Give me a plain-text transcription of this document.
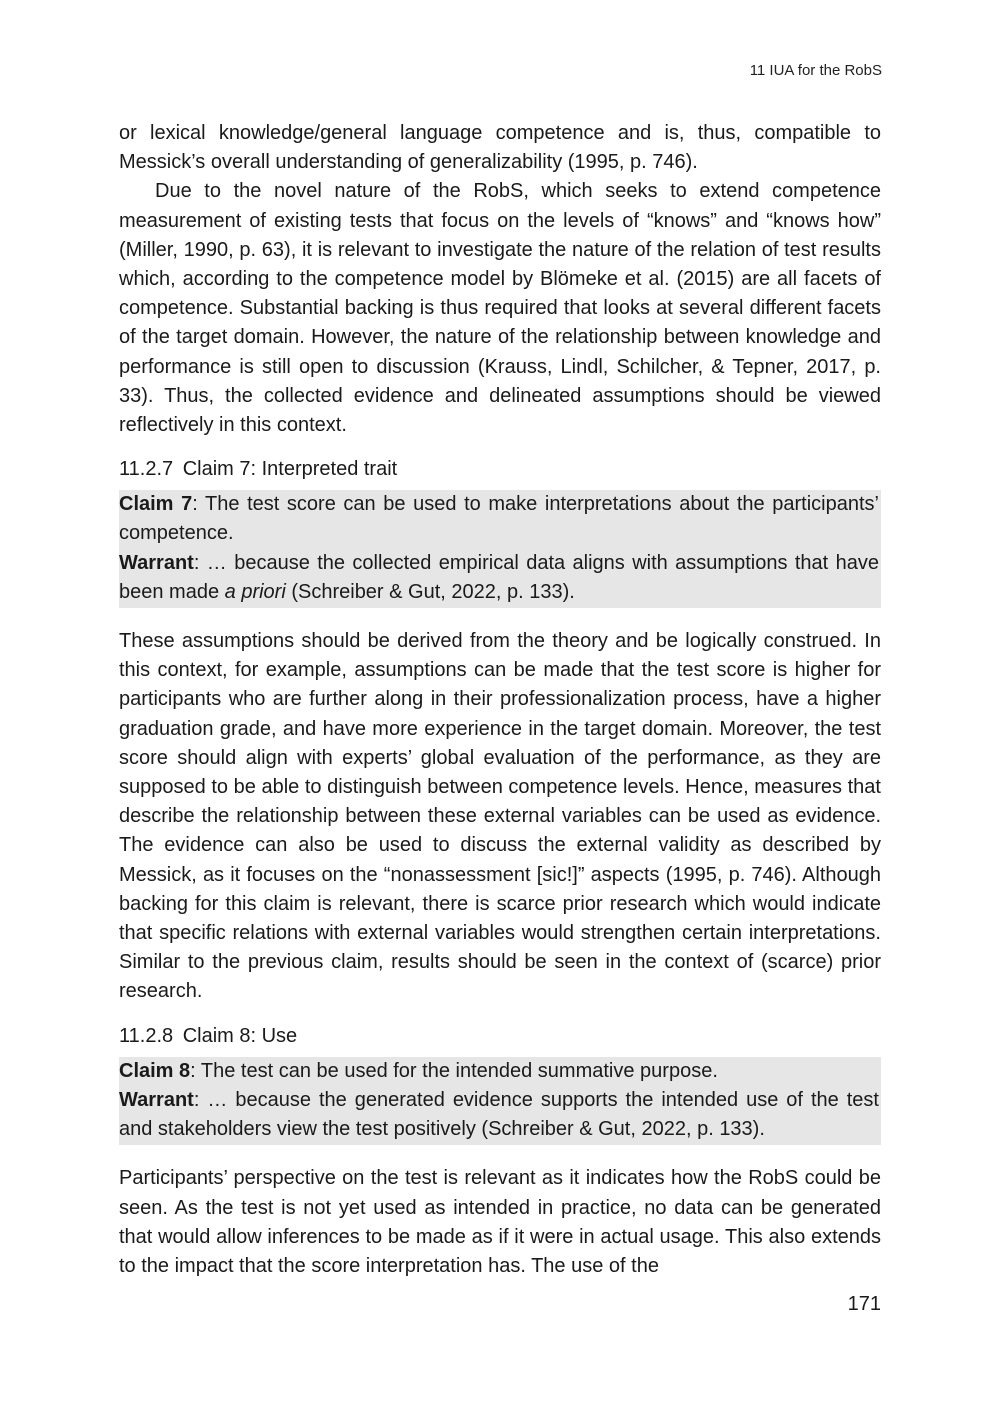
11 IUA for the RobS

or lexical knowledge/general language competence and is, thus, compatible to Messick’s overall understanding of generalizability (1995, p. 746).

Due to the novel nature of the RobS, which seeks to extend competence measurement of existing tests that focus on the levels of “knows” and “knows how” (Miller, 1990, p. 63), it is relevant to investigate the nature of the relation of test results which, according to the competence model by Blömeke et al. (2015) are all facets of competence. Substantial backing is thus required that looks at several different facets of the target domain. However, the nature of the relationship between knowledge and performance is still open to discussion (Krauss, Lindl, Schilcher, & Tepner, 2017, p. 33). Thus, the collected evidence and delineated assumptions should be viewed reflectively in this context.

11.2.7 Claim 7: Interpreted trait

Claim 7: The test score can be used to make interpretations about the participants’ competence.

Warrant: … because the collected empirical data aligns with assumptions that have been made a priori (Schreiber & Gut, 2022, p. 133).

These assumptions should be derived from the theory and be logically construed. In this context, for example, assumptions can be made that the test score is higher for participants who are further along in their professionalization process, have a higher graduation grade, and have more experience in the target domain. Moreover, the test score should align with experts’ global evaluation of the performance, as they are supposed to be able to distinguish between competence levels. Hence, measures that describe the relationship between these external variables can be used as evidence. The evidence can also be used to discuss the external validity as described by Messick, as it focuses on the “nonassessment [sic!]” aspects (1995, p. 746). Although backing for this claim is relevant, there is scarce prior research which would indicate that specific relations with external variables would strengthen certain interpretations. Similar to the previous claim, results should be seen in the context of (scarce) prior research.

11.2.8 Claim 8: Use

Claim 8: The test can be used for the intended summative purpose.

Warrant: … because the generated evidence supports the intended use of the test and stakeholders view the test positively (Schreiber & Gut, 2022, p. 133).

Participants’ perspective on the test is relevant as it indicates how the RobS could be seen. As the test is not yet used as intended in practice, no data can be generated that would allow inferences to be made as if it were in actual usage. This also extends to the impact that the score interpretation has. The use of the

171
